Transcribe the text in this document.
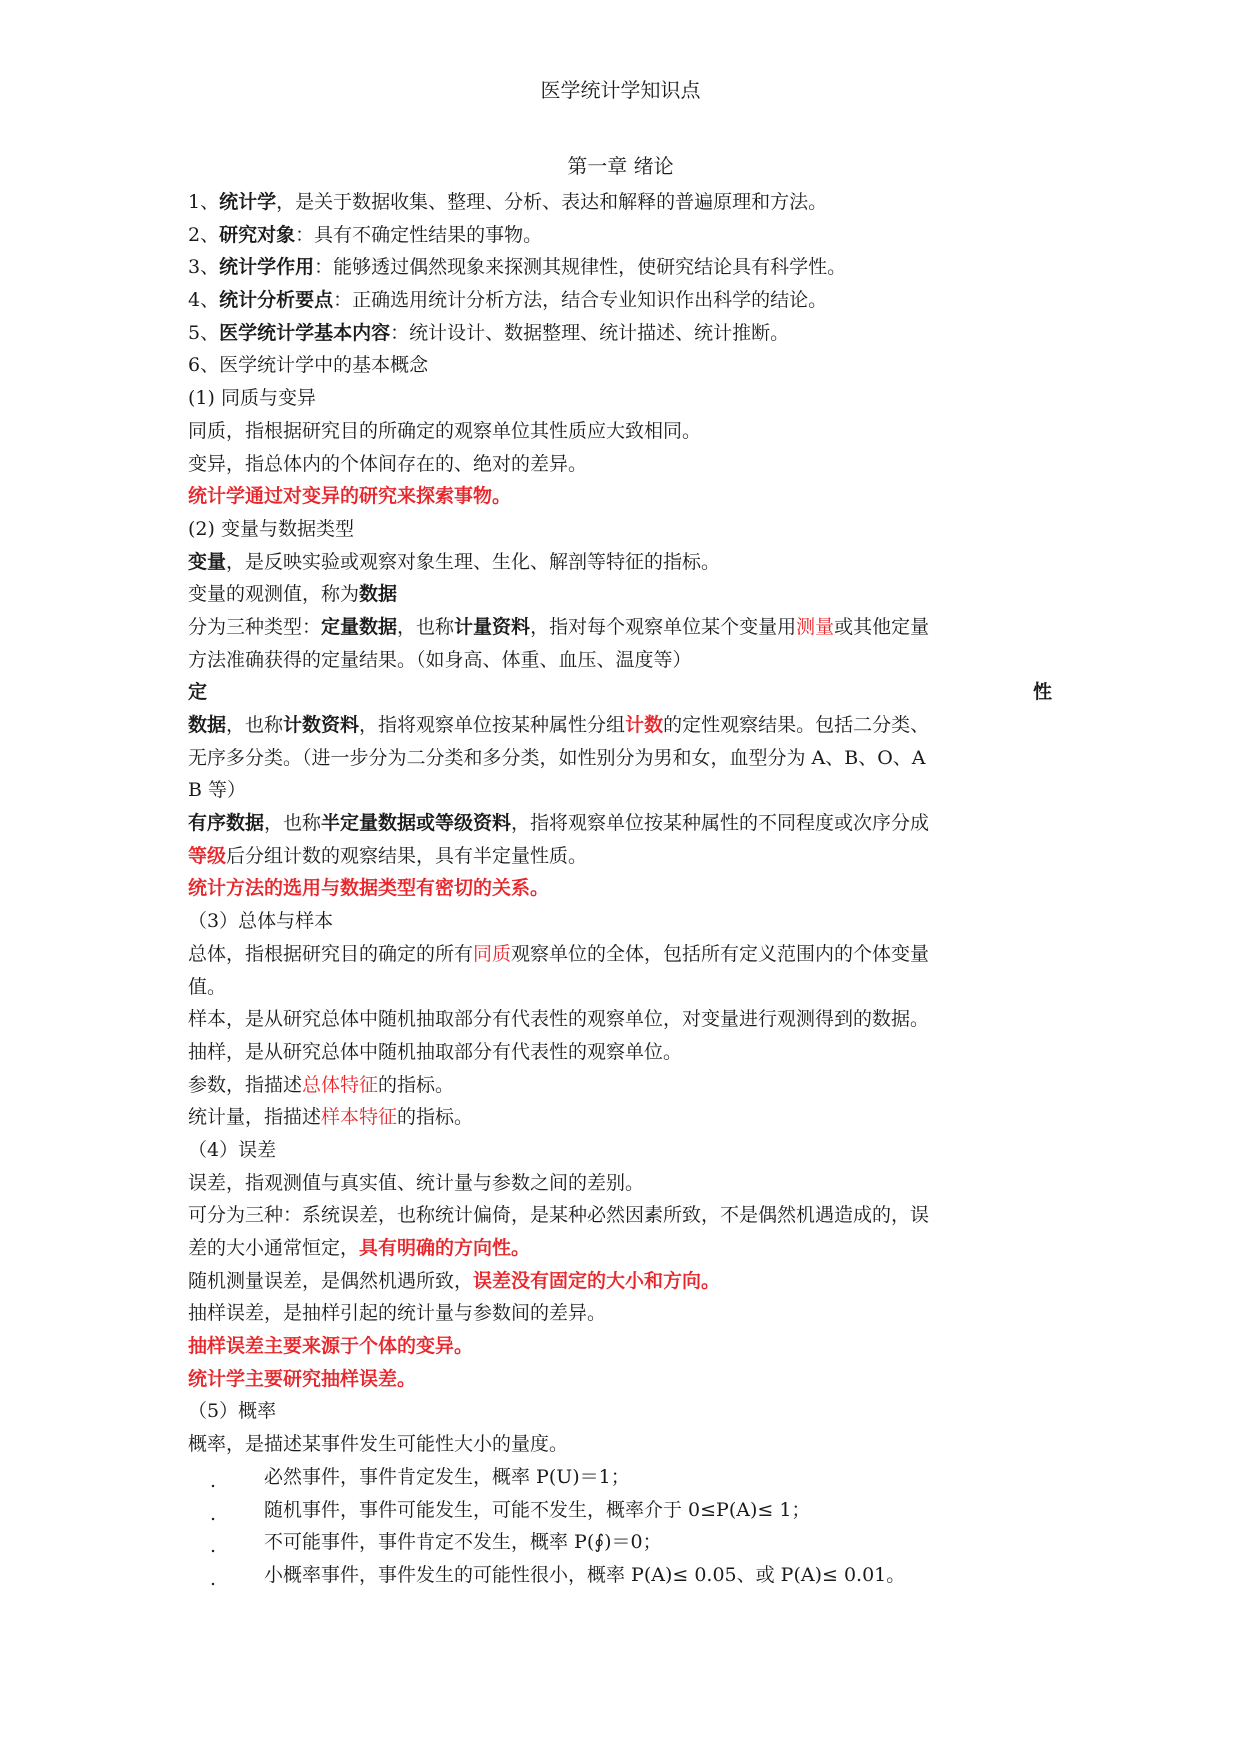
医学统计学知识点
第一章 绪论
1、统计学，是关于数据收集、整理、分析、表达和解释的普遍原理和方法。
2、研究对象：具有不确定性结果的事物。
3、统计学作用：能够透过偶然现象来探测其规律性，使研究结论具有科学性。
4、统计分析要点：正确选用统计分析方法，结合专业知识作出科学的结论。
5、医学统计学基本内容：统计设计、数据整理、统计描述、统计推断。
6、医学统计学中的基本概念
(1) 同质与变异
同质，指根据研究目的所确定的观察单位其性质应大致相同。
变异，指总体内的个体间存在的、绝对的差异。
统计学通过对变异的研究来探索事物。
(2) 变量与数据类型
变量，是反映实验或观察对象生理、生化、解剖等特征的指标。
变量的观测值，称为数据
分为三种类型：定量数据，也称计量资料，指对每个观察单位某个变量用测量或其他定量
方法准确获得的定量结果。（如身高、体重、血压、温度等）
定	性
数据，也称计数资料，指将观察单位按某种属性分组计数的定性观察结果。包括二分类、
无序多分类。（进一步分为二分类和多分类，如性别分为男和女，血型分为 A、B、O、A
B 等）
有序数据，也称半定量数据或等级资料，指将观察单位按某种属性的不同程度或次序分成
等级后分组计数的观察结果，具有半定量性质。
统计方法的选用与数据类型有密切的关系。
（3）总体与样本
总体，指根据研究目的确定的所有同质观察单位的全体，包括所有定义范围内的个体变量
值。
样本，是从研究总体中随机抽取部分有代表性的观察单位，对变量进行观测得到的数据。
抽样，是从研究总体中随机抽取部分有代表性的观察单位。
参数，指描述总体特征的指标。
统计量，指描述样本特征的指标。
（4）误差
误差，指观测值与真实值、统计量与参数之间的差别。
可分为三种：系统误差，也称统计偏倚，是某种必然因素所致，不是偶然机遇造成的，误
差的大小通常恒定，具有明确的方向性。
随机测量误差，是偶然机遇所致，误差没有固定的大小和方向。
抽样误差，是抽样引起的统计量与参数间的差异。
抽样误差主要来源于个体的变异。
统计学主要研究抽样误差。
（5）概率
概率，是描述某事件发生可能性大小的量度。
.	必然事件，事件肯定发生，概率 P(U)＝1；
.	随机事件，事件可能发生，可能不发生，概率介于 0≤P(A)≤ 1；
.	不可能事件，事件肯定不发生，概率 P(∮)＝0；
.	小概率事件，事件发生的可能性很小，概率 P(A)≤ 0.05、或 P(A)≤ 0.01。
